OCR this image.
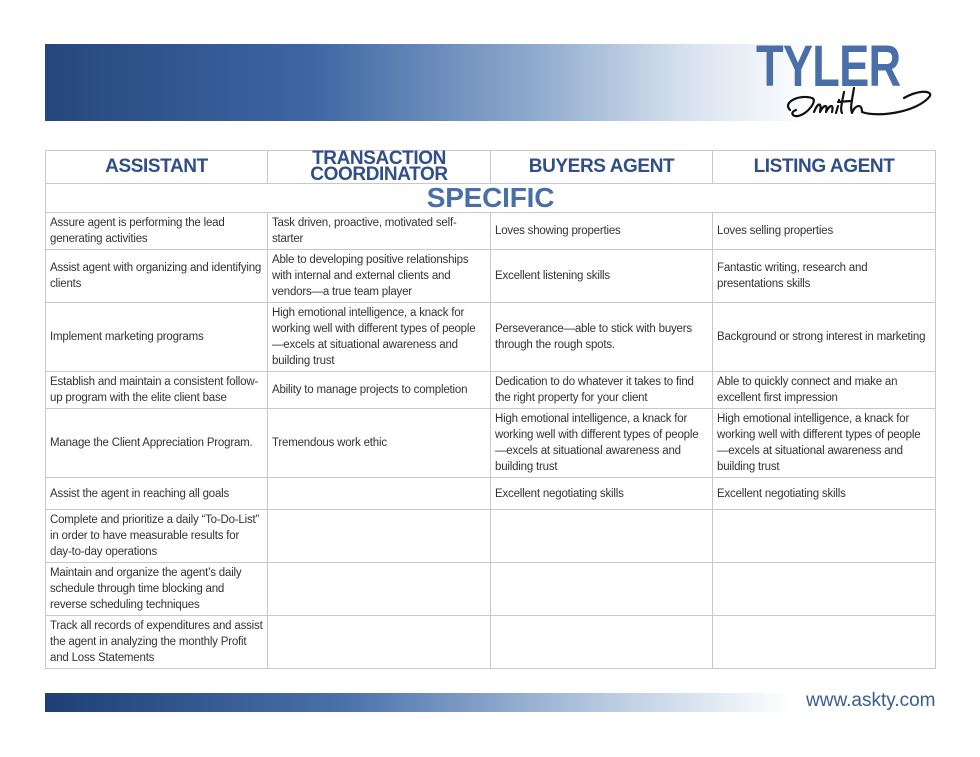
TYLER
ASSISTANT	TRANSACTION COORDINATOR	BUYERS AGENT	LISTING AGENT
SPECIFIC			
Assure agent is performing the lead generating activities	Task driven, proactive, motivated self-starter	Loves showing properties	Loves selling properties
Assist agent with organizing and identifying clients	Able to developing positive relationships with internal and external clients and vendors—a true team player	Excellent listening skills	Fantastic writing, research and presentations skills
Implement marketing programs	High emotional intelligence, a knack for working well with different types of people—excels at situational awareness and building trust	Perseverance—able to stick with buyers through the rough spots.	Background or strong interest in marketing
Establish and maintain a consistent follow-up program with the elite client base	Ability to manage projects to completion	Dedication to do whatever it takes to find the right property for your client	Able to quickly connect and make an excellent first impression
Manage the Client Appreciation Program.	Tremendous work ethic	High emotional intelligence, a knack for working well with different types of people—excels at situational awareness and building trust	High emotional intelligence, a knack for working well with different types of people—excels at situational awareness and building trust
Assist the agent in reaching all goals		Excellent negotiating skills	Excellent negotiating skills
Complete and prioritize a daily “To-Do-List” in order to have measurable results for day-to-day operations			
Maintain and organize the agent’s daily schedule through time blocking and reverse scheduling techniques			
Track all records of expenditures and assist the agent in analyzing the monthly Profit and Loss Statements			
www.askty.com
